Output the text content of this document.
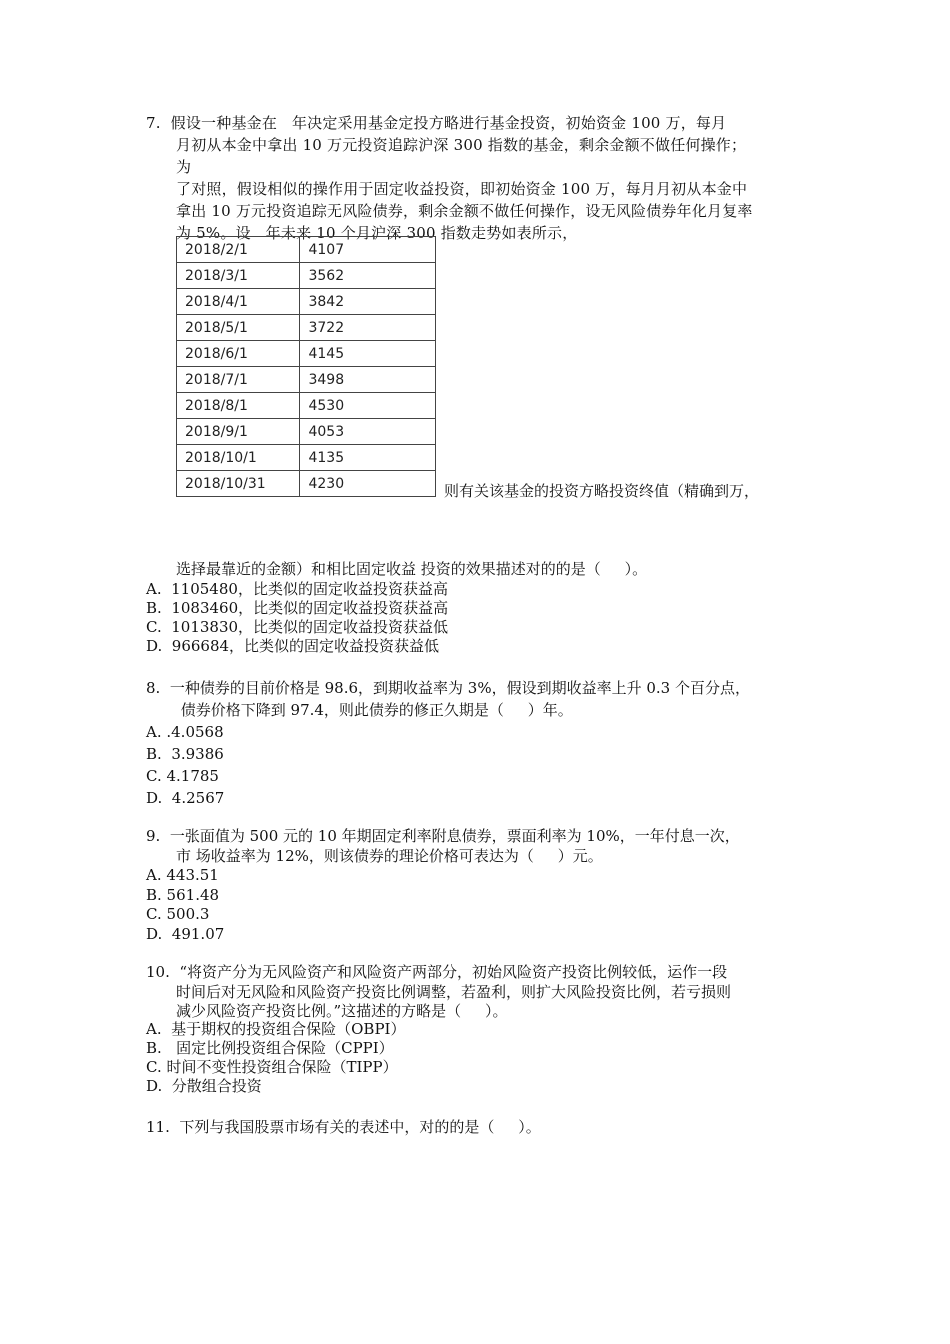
7.  假设一种基金在   年决定采用基金定投方略进行基金投资，初始资金 100 万，每月
月初从本金中拿出 10 万元投资追踪沪深 300 指数的基金，剩余金额不做任何操作；
为
了对照，假设相似的操作用于固定收益投资，即初始资金 100 万，每月月初从本金中
拿出 10 万元投资追踪无风险债券，剩余金额不做任何操作，设无风险债券年化月复率
为 5%。设   年未来 10 个月沪深 300 指数走势如表所示，
2018/2/1	4107
2018/3/1	3562
2018/4/1	3842
2018/5/1	3722
2018/6/1	4145
2018/7/1	3498
2018/8/1	4530
2018/9/1	4053
2018/10/1	4135
2018/10/31	4230	则有关该基金的投资方略投资终值（精确到万，
选择最靠近的金额）和相比固定收益 投资的效果描述对的的是（     ）。
A.  1105480，比类似的固定收益投资获益高
B.  1083460，比类似的固定收益投资获益高
C.  1013830，比类似的固定收益投资获益低
D.  966684，比类似的固定收益投资获益低
8.  一种债券的目前价格是 98.6，到期收益率为 3%，假设到期收益率上升 0.3 个百分点，
债券价格下降到 97.4，则此债券的修正久期是（     ）年。
A. .4.0568
B.  3.9386
C. 4.1785
D.  4.2567
9.  一张面值为 500 元的 10 年期固定利率附息债券，票面利率为 10%，一年付息一次，
市 场收益率为 12%，则该债券的理论价格可表达为（     ）元。
A. 443.51
B. 561.48
C. 500.3
D.  491.07
10.  “将资产分为无风险资产和风险资产两部分，初始风险资产投资比例较低，运作一段
时间后对无风险和风险资产投资比例调整，若盈利，则扩大风险投资比例，若亏损则
减少风险资产投资比例。”这描述的方略是（     ）。
A.  基于期权的投资组合保险（OBPI）
B.   固定比例投资组合保险（CPPI）
C. 时间不变性投资组合保险（TIPP）
D.  分散组合投资
11.  下列与我国股票市场有关的表述中，对的的是（     ）。
